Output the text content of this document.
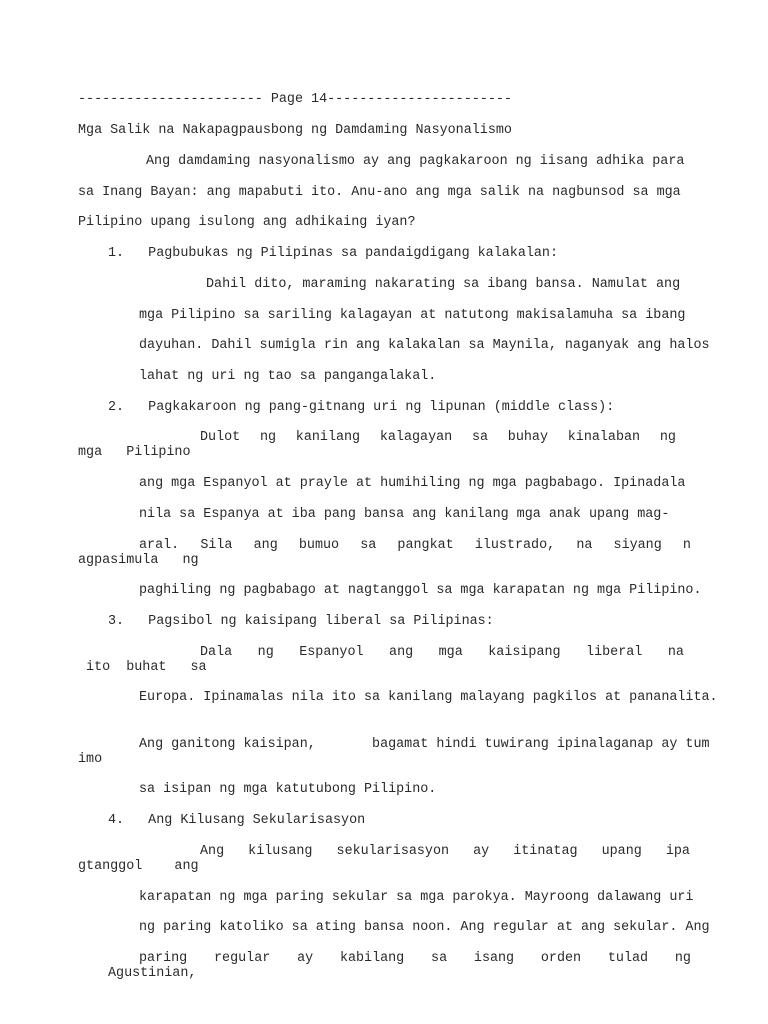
----------------------- Page 14-----------------------
Mga Salik na Nakapagpausbong ng Damdaming Nasyonalismo
Ang damdaming nasyonalismo ay ang pagkakaroon ng iisang adhika para
sa Inang Bayan: ang mapabuti ito. Anu-ano ang mga salik na nagbunsod sa mga
Pilipino upang isulong ang adhikaing iyan?
1.   Pagbubukas ng Pilipinas sa pandaigdigang kalakalan:
Dahil dito, maraming nakarating sa ibang bansa. Namulat ang
mga Pilipino sa sariling kalagayan at natutong makisalamuha sa ibang
dayuhan. Dahil sumigla rin ang kalakalan sa Maynila, naganyak ang halos
lahat ng uri ng tao sa pangangalakal.
2.   Pagkakaroon ng pang-gitnang uri ng lipunan (middle class):
Dulot ng kanilang kalagayan sa buhay kinalaban ng
mga   Pilipino
ang mga Espanyol at prayle at humihiling ng mga pagbabago. Ipinadala
nila sa Espanya at iba pang bansa ang kanilang mga anak upang mag-
aral. Sila ang bumuo sa pangkat ilustrado, na siyang n
agpasimula   ng
paghiling ng pagbabago at nagtanggol sa mga karapatan ng mga Pilipino.
3.   Pagsibol ng kaisipang liberal sa Pilipinas:
Dala ng Espanyol ang mga kaisipang liberal na
ito  buhat   sa
Europa. Ipinamalas nila ito sa kanilang malayang pagkilos at pananalita.
Ang ganitong kaisipan,       bagamat hindi tuwirang ipinalaganap ay tum
imo
sa isipan ng mga katutubong Pilipino.
4.   Ang Kilusang Sekularisasyon
Ang kilusang sekularisasyon ay itinatag upang ipa
gtanggol    ang
karapatan ng mga paring sekular sa mga parokya. Mayroong dalawang uri
ng paring katoliko sa ating bansa noon. Ang regular at ang sekular. Ang
paring regular ay kabilang sa isang orden tulad ng
Agustinian,
